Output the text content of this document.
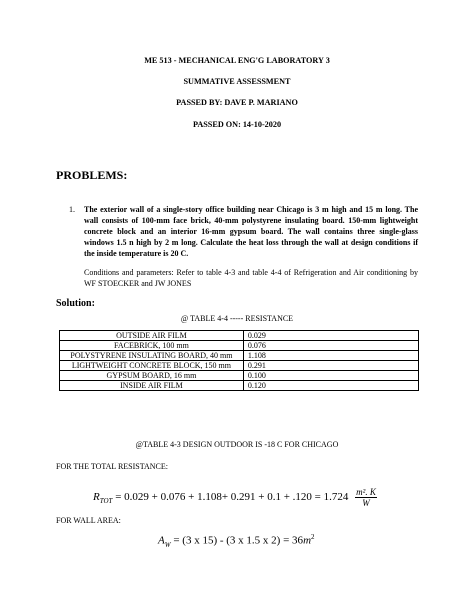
ME 513 - MECHANICAL ENG'G LABORATORY 3
SUMMATIVE ASSESSMENT
PASSED BY: DAVE P. MARIANO
PASSED ON: 14-10-2020
PROBLEMS:
1. The exterior wall of a single-story office building near Chicago is 3 m high and 15 m long. The wall consists of 100-mm face brick, 40-mm polystyrene insulating board. 150-mm lightweight concrete block and an interior 16-mm gypsum board. The wall contains three single-glass windows 1.5 n high by 2 m long. Calculate the heat loss through the wall at design conditions if the inside temperature is 20 C.
Conditions and parameters: Refer to table 4-3 and table 4-4 of Refrigeration and Air conditioning by WF STOECKER and JW JONES
Solution:
@ TABLE 4-4 ----- RESISTANCE
OUTSIDE AIR FILM	0.029
FACEBRICK, 100 mm	0.076
POLYSTYRENE INSULATING BOARD, 40 mm	1.108
LIGHTWEIGHT CONCRETE BLOCK, 150 mm	0.291
GYPSUM BOARD, 16 mm	0.100
INSIDE AIR FILM	0.120
@TABLE 4-3 DESIGN OUTDOOR IS -18 C FOR CHICAGO
FOR THE TOTAL RESISTANCE:
$R_{TOT} = 0.029 + 0.076 + 1.108+ 0.291 + 0.1 + .120 = 1.724 \frac{\text{m². K}}{W}$
FOR WALL AREA:
$A_W = (3$ x 15) - (3 x 1.5 x $2) = 36m^2$
